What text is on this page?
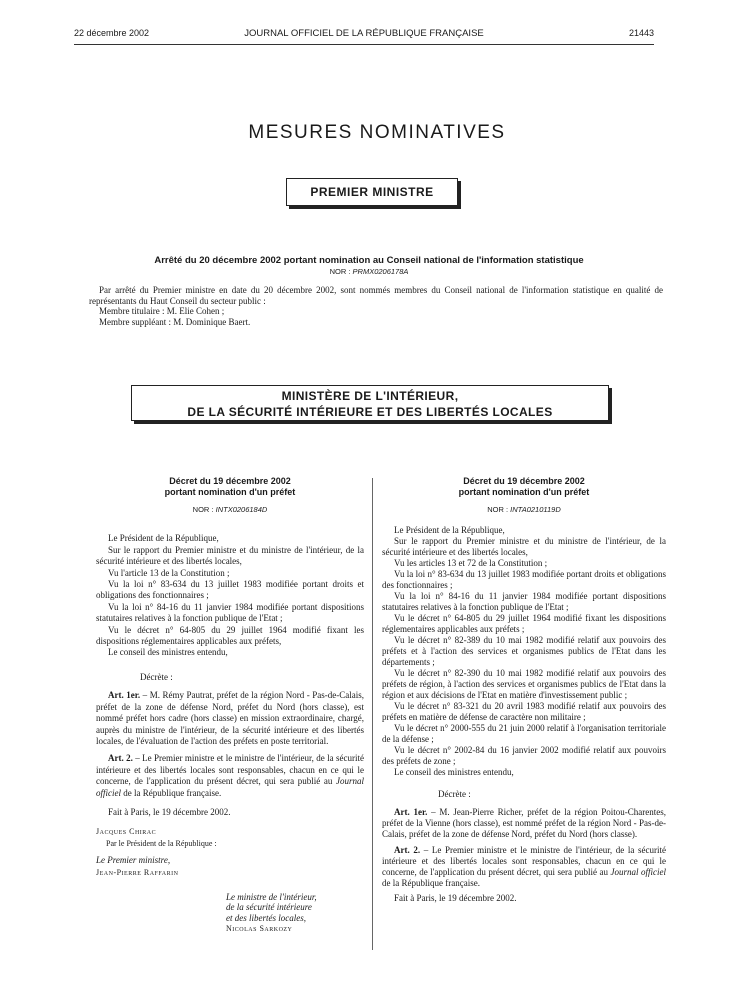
22 décembre 2002	JOURNAL OFFICIEL DE LA RÉPUBLIQUE FRANÇAISE	21443
MESURES NOMINATIVES
PREMIER MINISTRE
Arrêté du 20 décembre 2002 portant nomination au Conseil national de l'information statistique
NOR : PRMX0206178A

Par arrêté du Premier ministre en date du 20 décembre 2002, sont nommés membres du Conseil national de l'information statistique en qualité de représentants du Haut Conseil du secteur public :

Membre titulaire : M. Elie Cohen ;

Membre suppléant : M. Dominique Baert.

MINISTÈRE DE L'INTÉRIEUR,
DE LA SÉCURITÉ INTÉRIEURE ET DES LIBERTÉS LOCALES
Décret du 19 décembre 2002
portant nomination d'un préfet
NOR : INTX0206184D

Le Président de la République,

Sur le rapport du Premier ministre et du ministre de l'intérieur, de la sécurité intérieure et des libertés locales,

Vu l'article 13 de la Constitution ;

Vu la loi n° 83-634 du 13 juillet 1983 modifiée portant droits et obligations des fonctionnaires ;

Vu la loi n° 84-16 du 11 janvier 1984 modifiée portant dispositions statutaires relatives à la fonction publique de l'Etat ;

Vu le décret n° 64-805 du 29 juillet 1964 modifié fixant les dispositions réglementaires applicables aux préfets,

Le conseil des ministres entendu,

Décrète :

Art. 1er. – M. Rémy Pautrat, préfet de la région Nord - Pas-de-Calais, préfet de la zone de défense Nord, préfet du Nord (hors classe), est nommé préfet hors cadre (hors classe) en mission extraordinaire, chargé, auprès du ministre de l'intérieur, de la sécurité intérieure et des libertés locales, de l'évaluation de l'action des préfets en poste territorial.

Art. 2. – Le Premier ministre et le ministre de l'intérieur, de la sécurité intérieure et des libertés locales sont responsables, chacun en ce qui le concerne, de l'application du présent décret, qui sera publié au Journal officiel de la République française.

Fait à Paris, le 19 décembre 2002.

Jacques Chirac

Par le Président de la République :

Le Premier ministre,

Jean-Pierre Raffarin

Le ministre de l'intérieur,

de la sécurité intérieure

et des libertés locales,

Nicolas Sarkozy

Décret du 19 décembre 2002
portant nomination d'un préfet
NOR : INTA0210119D

Le Président de la République,

Sur le rapport du Premier ministre et du ministre de l'intérieur, de la sécurité intérieure et des libertés locales,

Vu les articles 13 et 72 de la Constitution ;

Vu la loi n° 83-634 du 13 juillet 1983 modifiée portant droits et obligations des fonctionnaires ;

Vu la loi n° 84-16 du 11 janvier 1984 modifiée portant dispositions statutaires relatives à la fonction publique de l'Etat ;

Vu le décret n° 64-805 du 29 juillet 1964 modifié fixant les dispositions réglementaires applicables aux préfets ;

Vu le décret n° 82-389 du 10 mai 1982 modifié relatif aux pouvoirs des préfets et à l'action des services et organismes publics de l'Etat dans les départements ;

Vu le décret n° 82-390 du 10 mai 1982 modifié relatif aux pouvoirs des préfets de région, à l'action des services et organismes publics de l'Etat dans la région et aux décisions de l'Etat en matière d'investissement public ;

Vu le décret n° 83-321 du 20 avril 1983 modifié relatif aux pouvoirs des préfets en matière de défense de caractère non militaire ;

Vu le décret n° 2000-555 du 21 juin 2000 relatif à l'organisation territoriale de la défense ;

Vu le décret n° 2002-84 du 16 janvier 2002 modifié relatif aux pouvoirs des préfets de zone ;

Le conseil des ministres entendu,

Décrète :

Art. 1er. – M. Jean-Pierre Richer, préfet de la région Poitou-Charentes, préfet de la Vienne (hors classe), est nommé préfet de la région Nord - Pas-de-Calais, préfet de la zone de défense Nord, préfet du Nord (hors classe).

Art. 2. – Le Premier ministre et le ministre de l'intérieur, de la sécurité intérieure et des libertés locales sont responsables, chacun en ce qui le concerne, de l'application du présent décret, qui sera publié au Journal officiel de la République française.

Fait à Paris, le 19 décembre 2002.
